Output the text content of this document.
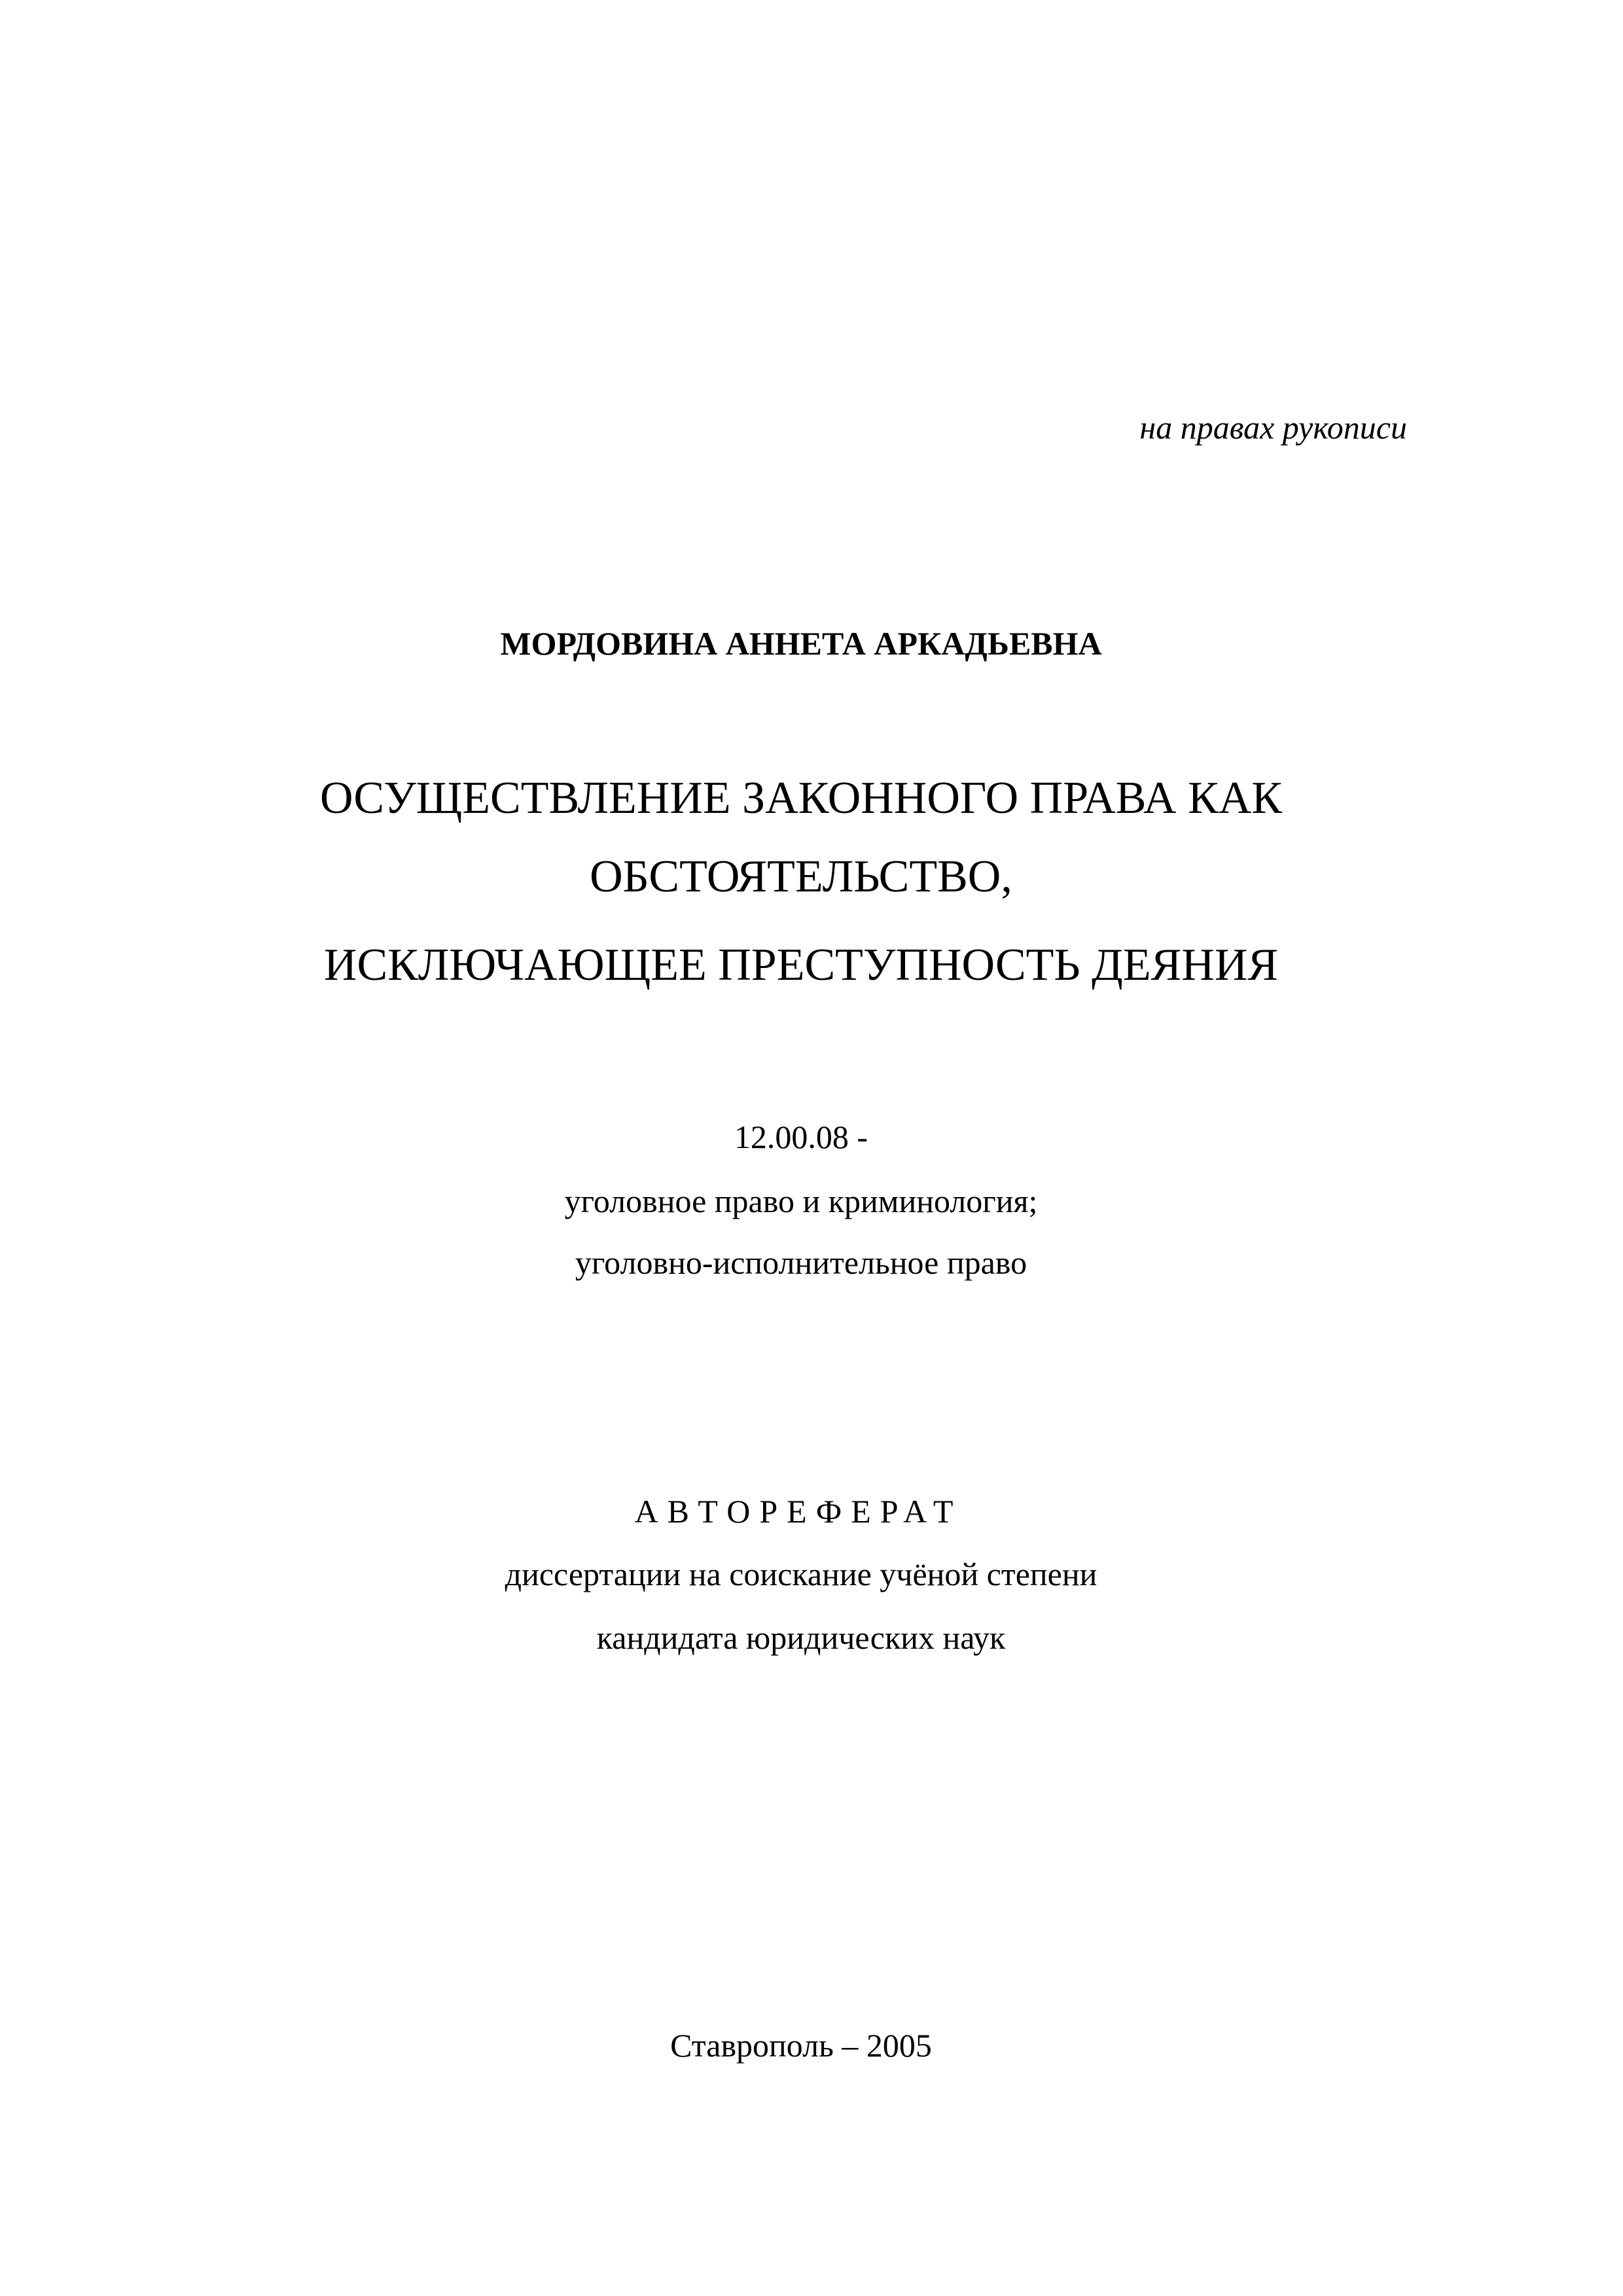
на правах рукописи
МОРДОВИНА АННЕТА АРКАДЬЕВНА
ОСУЩЕСТВЛЕНИЕ ЗАКОННОГО ПРАВА КАК
ОБСТОЯТЕЛЬСТВО,
ИСКЛЮЧАЮЩЕЕ ПРЕСТУПНОСТЬ ДЕЯНИЯ
12.00.08 -
уголовное право и криминология;
уголовно-исполнительное право
АВТОРЕФЕРАТ
диссертации на соискание учёной степени
кандидата юридических наук
Ставрополь – 2005
